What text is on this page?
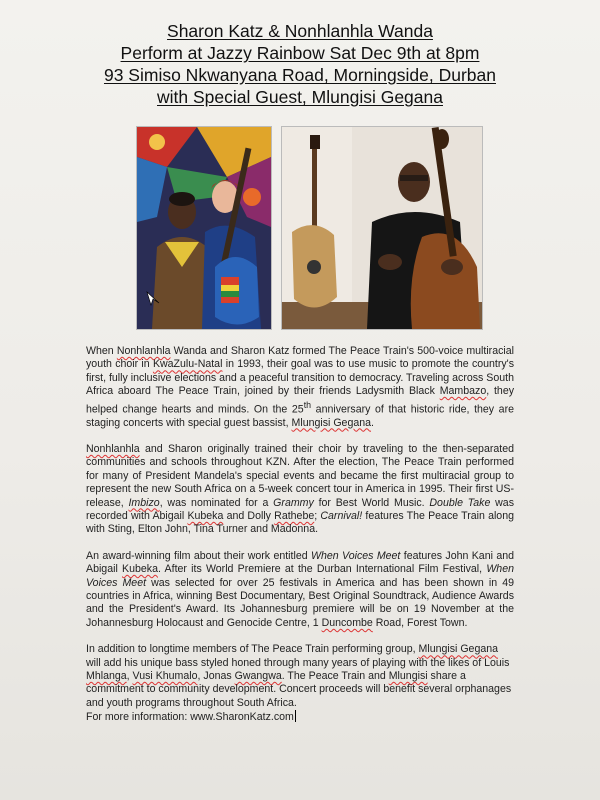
Sharon Katz & Nonhlanhla Wanda
Perform at Jazzy Rainbow Sat Dec 9th at 8pm
93 Simiso Nkwanyana Road, Morningside, Durban
with Special Guest, Mlungisi Gegana

When Nonhlanhla Wanda and Sharon Katz formed The Peace Train's 500-voice multiracial youth choir in KwaZulu-Natal in 1993, their goal was to use music to promote the country's first, fully inclusive elections and a peaceful transition to democracy. Traveling across South Africa aboard The Peace Train, joined by their friends Ladysmith Black Mambazo, they helped change hearts and minds. On the 25th anniversary of that historic ride, they are staging concerts with special guest bassist, Mlungisi Gegana.

Nonhlanhla and Sharon originally trained their choir by traveling to the then-separated communities and schools throughout KZN. After the election, The Peace Train performed for many of President Mandela's special events and became the first multiracial group to represent the new South Africa on a 5-week concert tour in America in 1995. Their first US-release, Imbizo, was nominated for a Grammy for Best World Music. Double Take was recorded with Abigail Kubeka and Dolly Rathebe; Carnival! features The Peace Train along with Sting, Elton John, Tina Turner and Madonna.

An award-winning film about their work entitled When Voices Meet features John Kani and Abigail Kubeka. After its World Premiere at the Durban International Film Festival, When Voices Meet was selected for over 25 festivals in America and has been shown in 49 countries in Africa, winning Best Documentary, Best Original Soundtrack, Audience Awards and the President's Award. Its Johannesburg premiere will be on 19 November at the Johannesburg Holocaust and Genocide Centre, 1 Duncombe Road, Forest Town.

In addition to longtime members of The Peace Train performing group, Mlungisi Gegana will add his unique bass styled honed through many years of playing with the likes of Louis Mhlanga, Vusi Khumalo, Jonas Gwangwa. The Peace Train and Mlungisi share a commitment to community development. Concert proceeds will benefit several orphanages and youth programs throughout South Africa.
For more information: www.SharonKatz.com
